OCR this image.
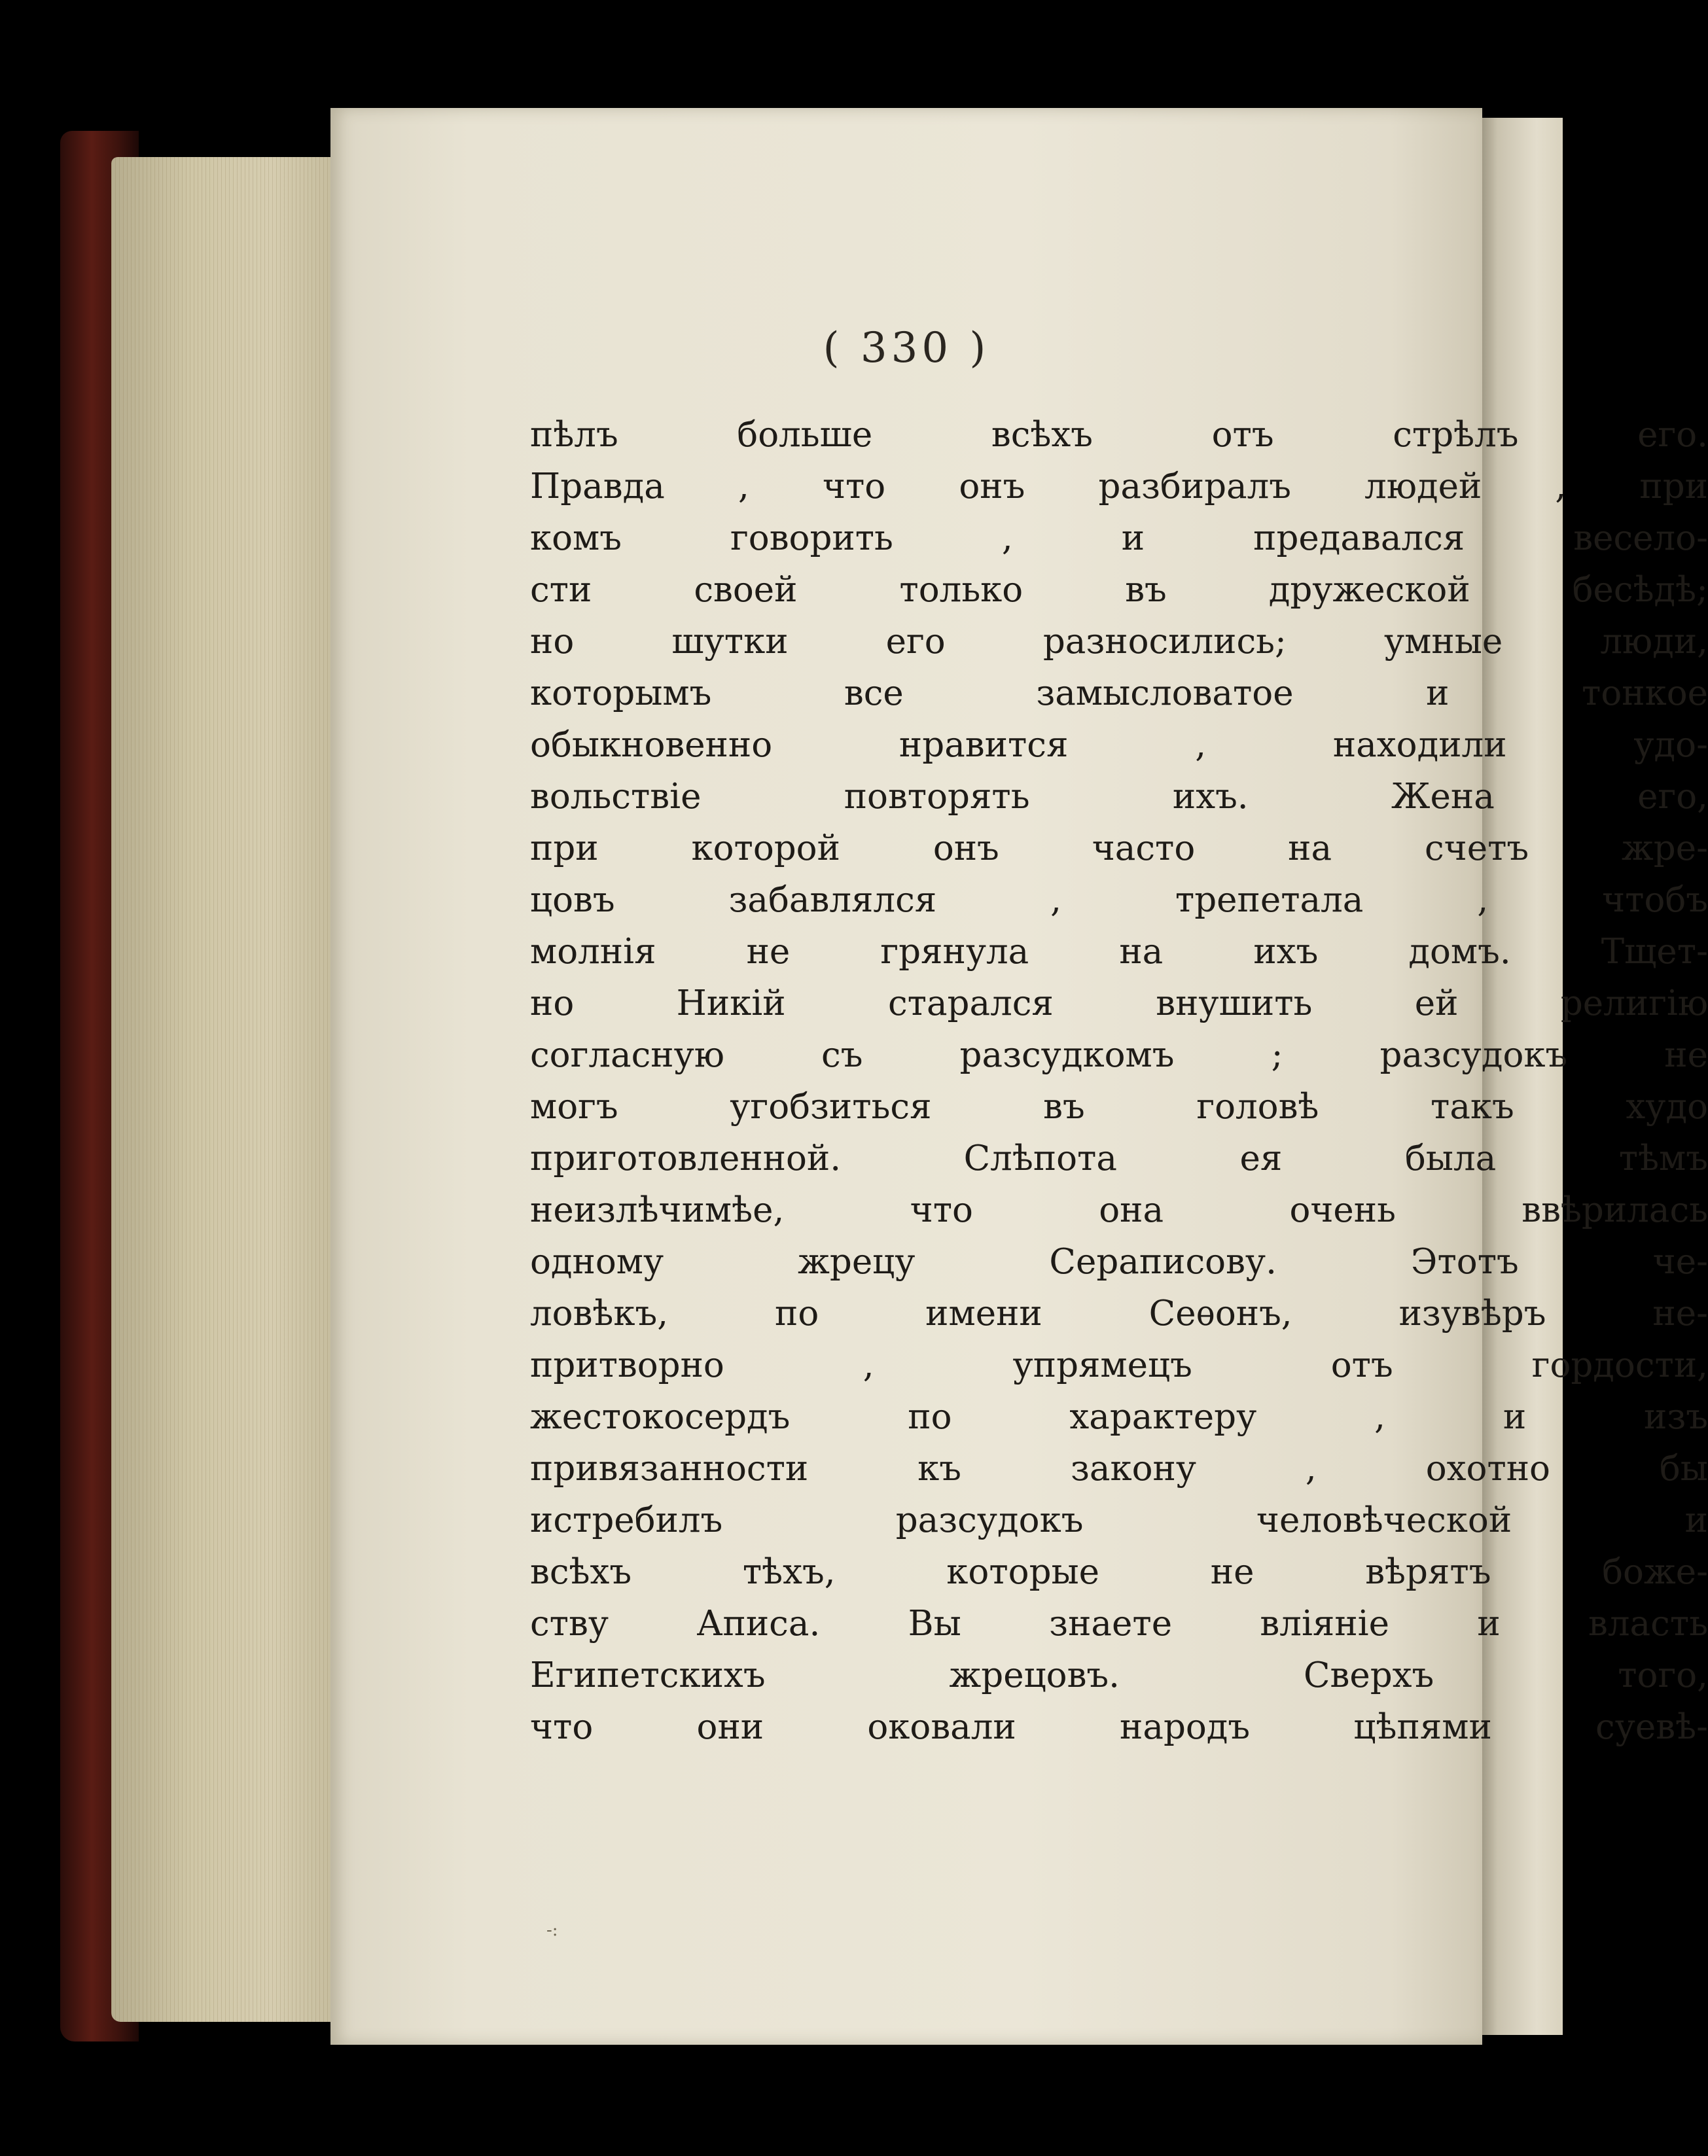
( 330 )
пѣлъ больше всѣхъ отъ стрѣлъ его.
Правда , что онъ разбиралъ людей , при
комъ говорить , и предавался весело-
сти своей только въ дружеской бесѣдѣ;
но шутки его разносились; умные люди,
которымъ все замысловатое и тонкое
обыкновенно нравится , находили удо-
вольствіе повторять ихъ. Жена его,
при которой онъ часто на счетъ жре-
цовъ забавлялся , трепетала , чтобъ
молнія не грянула на ихъ домъ. Тщет-
но Никій старался внушить ей религію
согласную съ разсудкомъ ; разсудокъ не
могъ угобзиться въ головѣ такъ худо
приготовленной. Слѣпота ея была тѣмъ
неизлѣчимѣе, что она очень ввѣрилась
одному жрецу Сераписову. Этотъ че-
ловѣкъ, по имени Сеѳонъ, изувѣръ не-
притворно , упрямецъ отъ гордости,
жестокосердъ по характеру , и изъ
привязанности къ закону , охотно бы
истребилъ разсудокъ человѣческой и
всѣхъ тѣхъ, которые не вѣрятъ боже-
ству Аписа. Вы знаете вліяніе и власть
Египетскихъ жрецовъ. Сверхъ того,
что они оковали народъ цѣпями суевѣ-
-:
